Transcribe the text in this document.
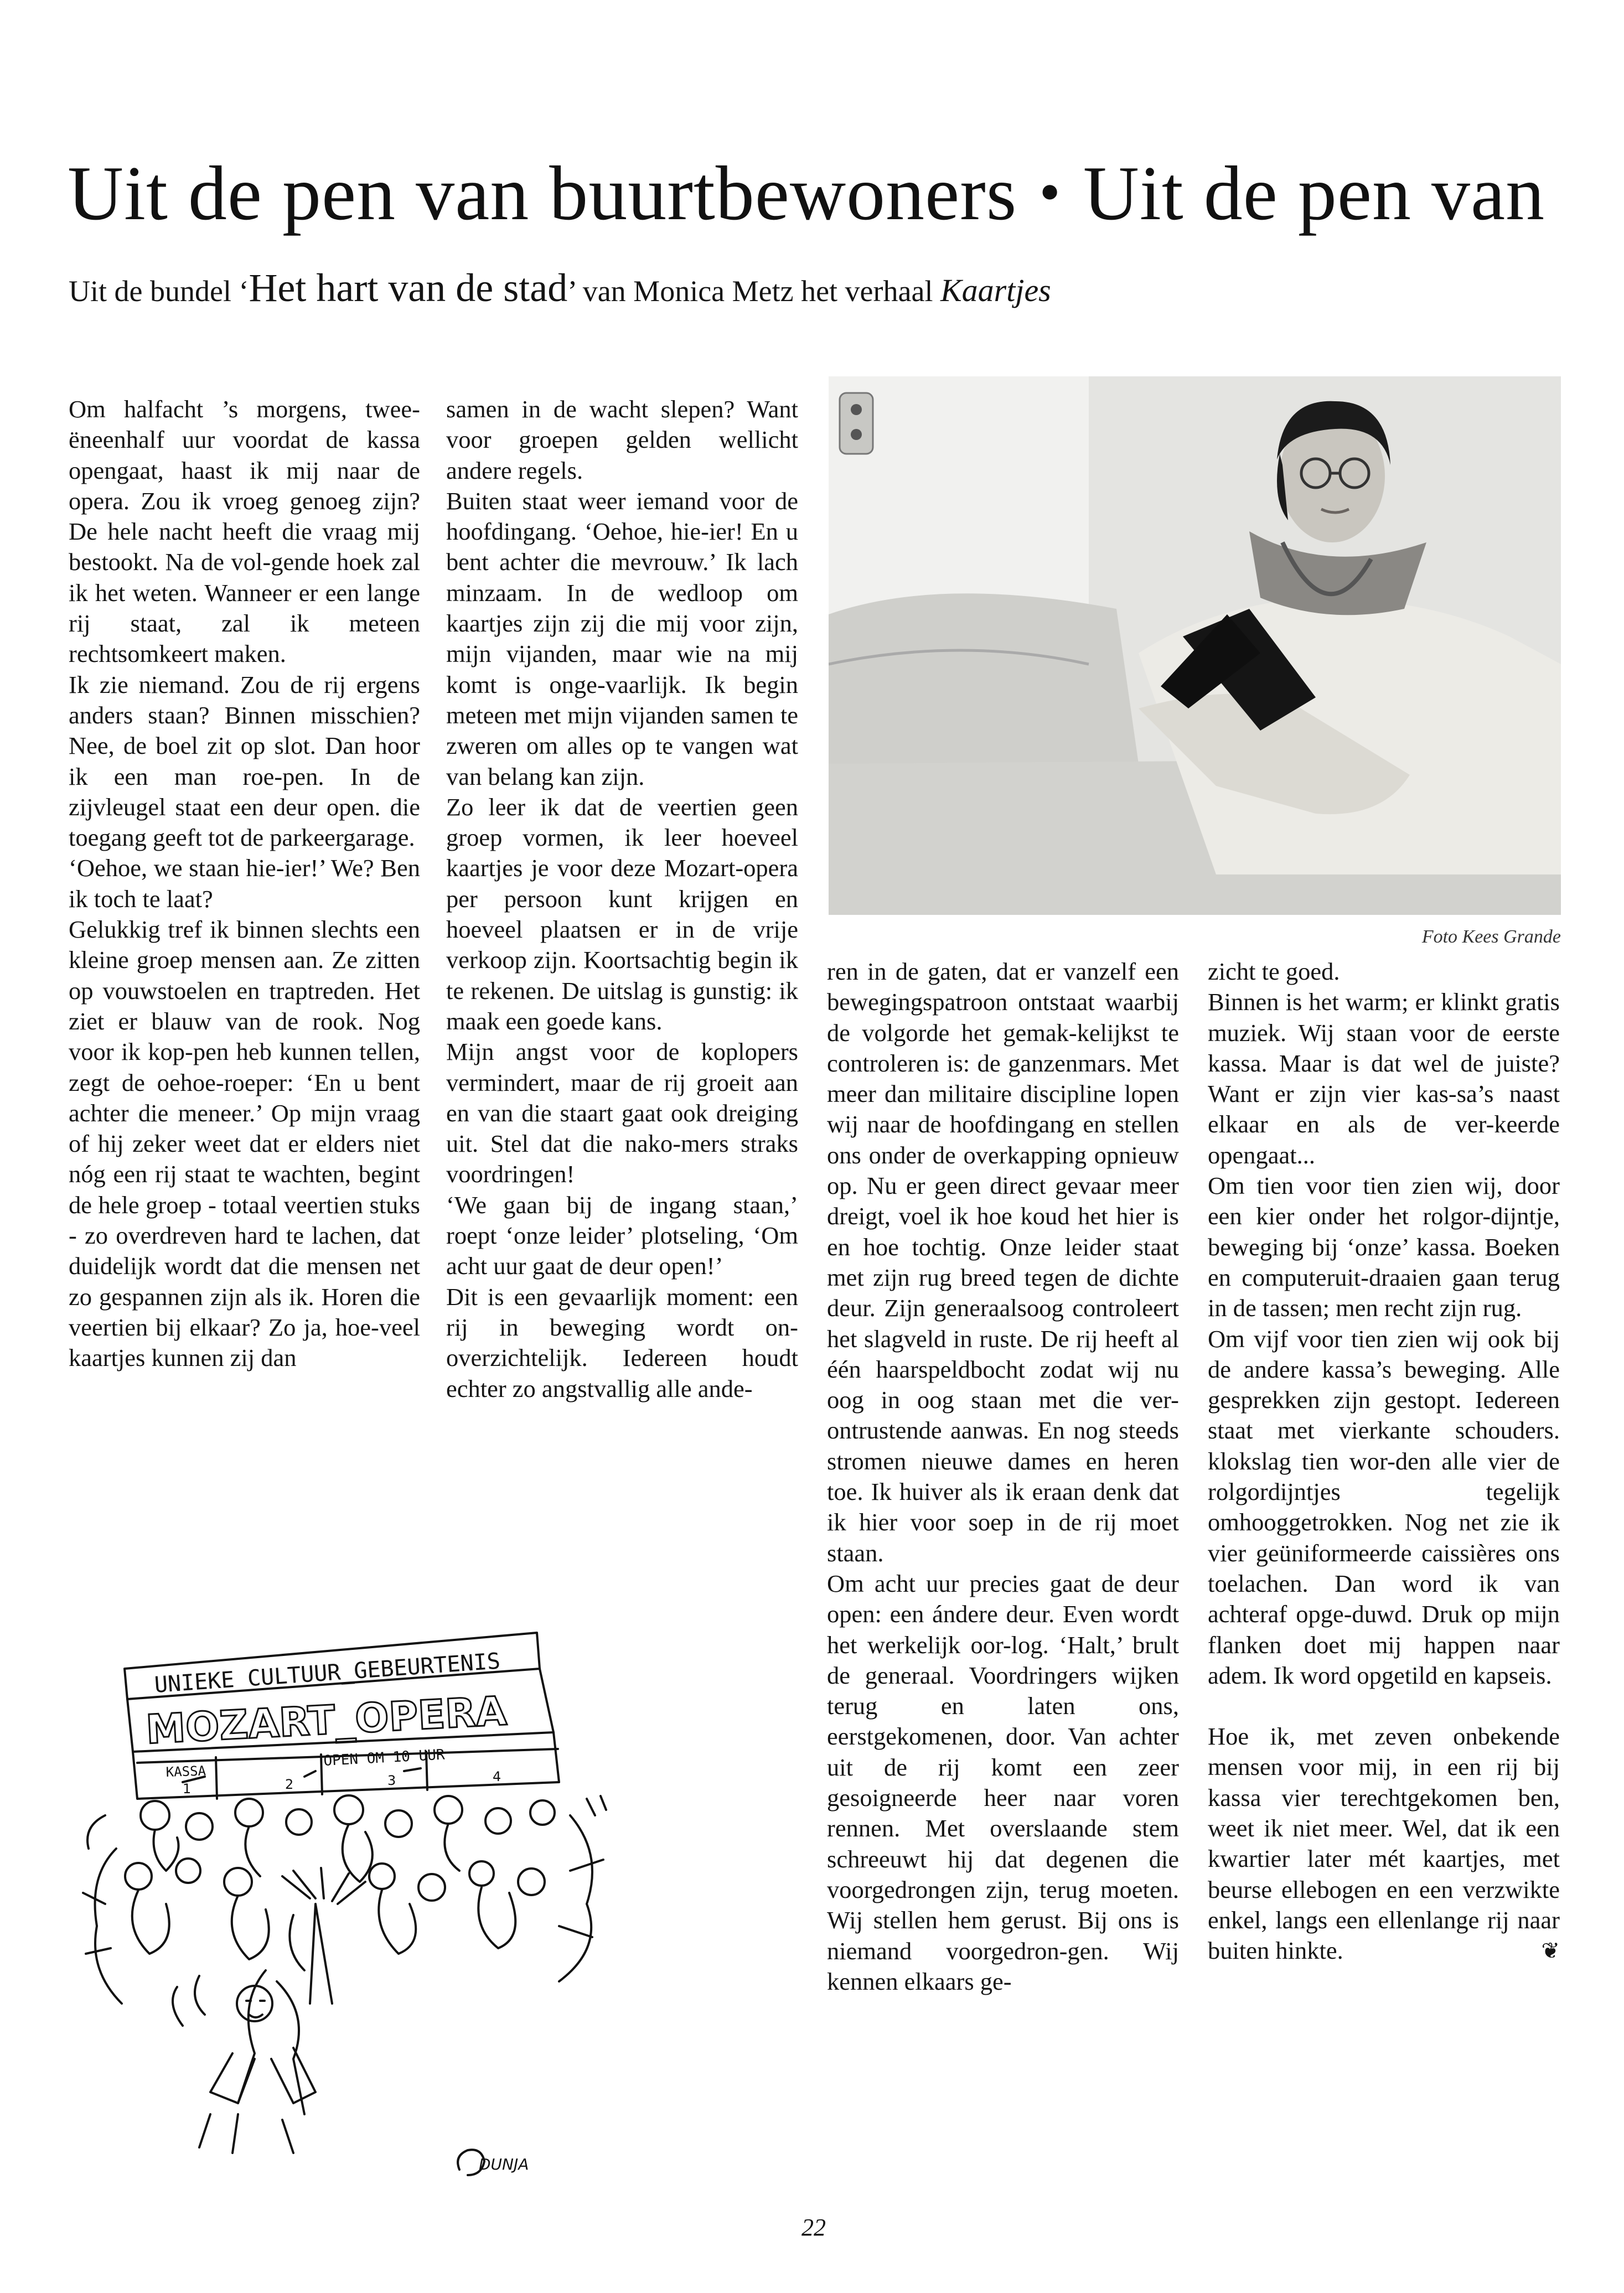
Uit de pen van buurtbewoners • Uit de pen van
Uit de bundel ‘Het hart van de stad’ van Monica Metz het verhaal Kaartjes

Om halfacht ’s morgens, twee-ëneenhalf uur voordat de kassa opengaat, haast ik mij naar de opera. Zou ik vroeg genoeg zijn? De hele nacht heeft die vraag mij bestookt. Na de vol-gende hoek zal ik het weten. Wanneer er een lange rij staat, zal ik meteen rechtsomkeert maken.

Ik zie niemand. Zou de rij ergens anders staan? Binnen misschien? Nee, de boel zit op slot. Dan hoor ik een man roe-pen. In de zijvleugel staat een deur open. die toegang geeft tot de parkeergarage.

‘Oehoe, we staan hie-ier!’ We? Ben ik toch te laat?

Gelukkig tref ik binnen slechts een kleine groep mensen aan. Ze zitten op vouwstoelen en traptreden. Het ziet er blauw van de rook. Nog voor ik kop-pen heb kunnen tellen, zegt de oehoe-roeper: ‘En u bent achter die meneer.’ Op mijn vraag of hij zeker weet dat er elders niet nóg een rij staat te wachten, begint de hele groep - totaal veertien stuks - zo overdreven hard te lachen, dat duidelijk wordt dat die mensen net zo gespannen zijn als ik. Horen die veertien bij elkaar? Zo ja, hoe-veel kaartjes kunnen zij dan

samen in de wacht slepen? Want voor groepen gelden wellicht andere regels.

Buiten staat weer iemand voor de hoofdingang. ‘Oehoe, hie-ier! En u bent achter die mevrouw.’ Ik lach minzaam. In de wedloop om kaartjes zijn zij die mij voor zijn, mijn vijanden, maar wie na mij komt is onge-vaarlijk. Ik begin meteen met mijn vijanden samen te zweren om alles op te vangen wat van belang kan zijn.

Zo leer ik dat de veertien geen groep vormen, ik leer hoeveel kaartjes je voor deze Mozart-opera per persoon kunt krijgen en hoeveel plaatsen er in de vrije verkoop zijn. Koortsachtig begin ik te rekenen. De uitslag is gunstig: ik maak een goede kans.

Mijn angst voor de koplopers vermindert, maar de rij groeit aan en van die staart gaat ook dreiging uit. Stel dat die nako-mers straks voordringen!

‘We gaan bij de ingang staan,’ roept ‘onze leider’ plotseling, ‘Om acht uur gaat de deur open!’

Dit is een gevaarlijk moment: een rij in beweging wordt on-overzichtelijk. Iedereen houdt echter zo angstvallig alle ande-

Foto Kees Grande

ren in de gaten, dat er vanzelf een bewegingspatroon ontstaat waarbij de volgorde het gemak-kelijkst te controleren is: de ganzenmars. Met meer dan militaire discipline lopen wij naar de hoofdingang en stellen ons onder de overkapping opnieuw op. Nu er geen direct gevaar meer dreigt, voel ik hoe koud het hier is en hoe tochtig. Onze leider staat met zijn rug breed tegen de dichte deur. Zijn generaalsoog controleert het slagveld in ruste. De rij heeft al één haarspeldbocht zodat wij nu oog in oog staan met die ver-ontrustende aanwas. En nog steeds stromen nieuwe dames en heren toe. Ik huiver als ik eraan denk dat ik hier voor soep in de rij moet staan.

Om acht uur precies gaat de deur open: een ándere deur. Even wordt het werkelijk oor-log. ‘Halt,’ brult de generaal. Voordringers wijken terug en laten ons, eerstgekomenen, door. Van achter uit de rij komt een zeer gesoigneerde heer naar voren rennen. Met overslaande stem schreeuwt hij dat degenen die voorgedrongen zijn, terug moeten. Wij stellen hem gerust. Bij ons is niemand voorgedron-gen. Wij kennen elkaars ge-

zicht te goed.

Binnen is het warm; er klinkt gratis muziek. Wij staan voor de eerste kassa. Maar is dat wel de juiste? Want er zijn vier kas-sa’s naast elkaar en als de ver-keerde opengaat...

Om tien voor tien zien wij, door een kier onder het rolgor-dijntje, beweging bij ‘onze’ kassa. Boeken en computeruit-draaien gaan terug in de tassen; men recht zijn rug.

Om vijf voor tien zien wij ook bij de andere kassa’s beweging. Alle gesprekken zijn gestopt. Iedereen staat met vierkante schouders. klokslag tien wor-den alle vier de rolgordijntjes tegelijk omhooggetrokken. Nog net zie ik vier geüniformeerde caissières ons toelachen. Dan word ik van achteraf opge-duwd. Druk op mijn flanken doet mij happen naar adem. Ik word opgetild en kapseis.

Hoe ik, met zeven onbekende mensen voor mij, in een rij bij kassa vier terechtgekomen ben, weet ik niet meer. Wel, dat ik een kwartier later mét kaartjes, met beurse ellebogen en een verzwikte enkel, langs een ellenlange rij naar buiten hinkte.	❦

UNIEKE CULTUUR_GEBEURTENIS
MOZART_OPERA
KASSA
OPEN OM 10 UUR
1	2	3	4
DUNJA
22
